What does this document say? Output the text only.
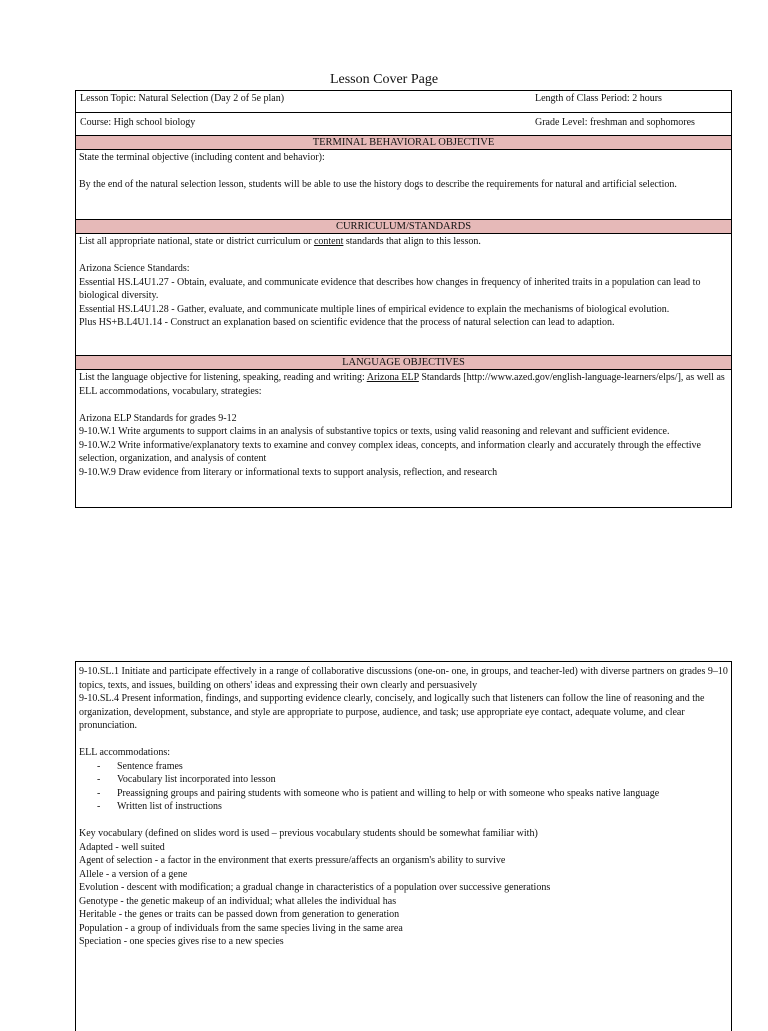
Lesson Cover Page
Lesson Topic: Natural Selection (Day 2 of 5e plan)	Length of Class Period: 2 hours
Course: High school biology	Grade Level: freshman and sophomores
TERMINAL BEHAVIORAL OBJECTIVE

State the terminal objective (including content and behavior):

By the end of the natural selection lesson, students will be able to use the history dogs to describe the requirements for natural and artificial selection.

CURRICULUM/STANDARDS

List all appropriate national, state or district curriculum or content standards that align to this lesson.

Arizona Science Standards:

Essential HS.L4U1.27 - Obtain, evaluate, and communicate evidence that describes how changes in frequency of inherited traits in a population can lead to biological diversity.

Essential HS.L4U1.28 - Gather, evaluate, and communicate multiple lines of empirical evidence to explain the mechanisms of biological evolution.

Plus HS+B.L4U1.14 - Construct an explanation based on scientific evidence that the process of natural selection can lead to adaption.

LANGUAGE OBJECTIVES

List the language objective for listening, speaking, reading and writing: Arizona ELP Standards [http://www.azed.gov/english-language-learners/elps/], as well as ELL accommodations, vocabulary, strategies:

Arizona ELP Standards for grades 9-12

9-10.W.1 Write arguments to support claims in an analysis of substantive topics or texts, using valid reasoning and relevant and sufficient evidence.

9-10.W.2 Write informative/explanatory texts to examine and convey complex ideas, concepts, and information clearly and accurately through the effective selection, organization, and analysis of content

9-10.W.9 Draw evidence from literary or informational texts to support analysis, reflection, and research

9-10.SL.1 Initiate and participate effectively in a range of collaborative discussions (one-on- one, in groups, and teacher-led) with diverse partners on grades 9–10 topics, texts, and issues, building on others' ideas and expressing their own clearly and persuasively

9-10.SL.4 Present information, findings, and supporting evidence clearly, concisely, and logically such that listeners can follow the line of reasoning and the organization, development, substance, and style are appropriate to purpose, audience, and task; use appropriate eye contact, adequate volume, and clear pronunciation.

ELL accommodations:

- Sentence frames
- Vocabulary list incorporated into lesson
- Preassigning groups and pairing students with someone who is patient and willing to help or with someone who speaks native language
- Written list of instructions

Key vocabulary (defined on slides word is used – previous vocabulary students should be somewhat familiar with)

Adapted - well suited

Agent of selection - a factor in the environment that exerts pressure/affects an organism's ability to survive

Allele - a version of a gene

Evolution - descent with modification; a gradual change in characteristics of a population over successive generations

Genotype - the genetic makeup of an individual; what alleles the individual has

Heritable - the genes or traits can be passed down from generation to generation

Population - a group of individuals from the same species living in the same area

Speciation - one species gives rise to a new species
